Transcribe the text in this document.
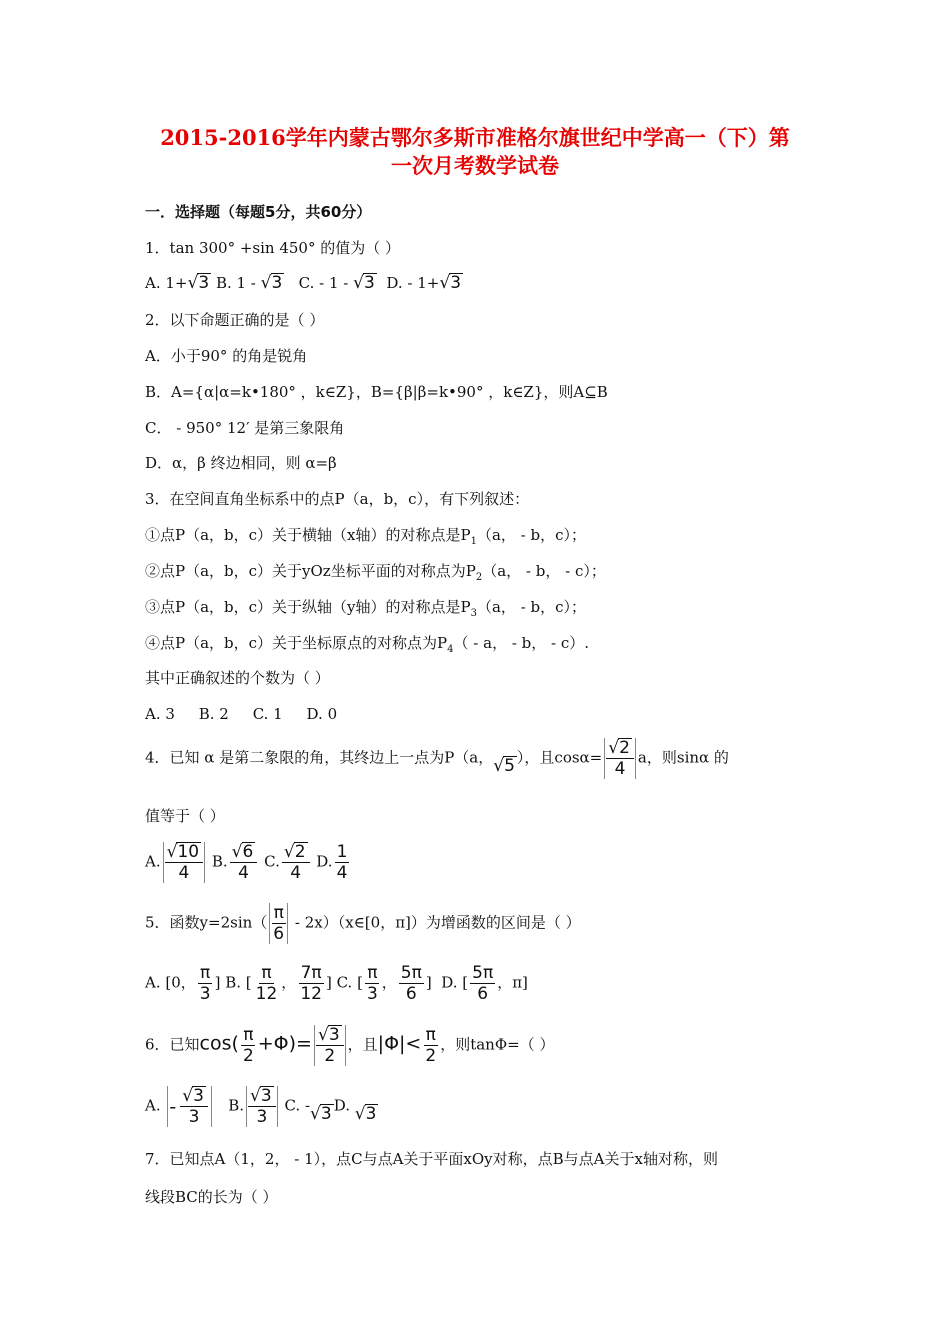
2015-2016学年内蒙古鄂尔多斯市准格尔旗世纪中学高一（下）第
一次月考数学试卷
一．选择题（每题5分，共60分）
1．tan 300° +sin 450° 的值为（ ）
A. 1+ √ 3 B. 1 - √ 3 C. - 1 - √ 3 D. - 1+ √ 3
2．以下命题正确的是（ ）
A．小于90° 的角是锐角
B．A={α|α=k•180° ，k∈Z}，B={β|β=k•90° ，k∈Z}，则A⊆B
C． - 950° 12′ 是第三象限角
D．α，β 终边相同，则 α=β
3．在空间直角坐标系中的点P（a，b，c），有下列叙述：
①点P（a，b，c）关于横轴（x轴）的对称点是$P_1(a$， - b，c）；
②点P（a，b，c）关于yOz坐标平面的对称点为$P_2(a$， - b， - c）；
③点P（a，b，c）关于纵轴（y轴）的对称点是$P_3(a$， - b，c）；
④点P（a，b，c）关于坐标原点的对称点为$P_4$（ - a， - b， - c）.
其中正确叙述的个数为（ ）
A. 3     B. 2     C. 1     D. 0
4．已知 α 是第二象限的角，其终边上一点为P（a， √ 5 ），且$\cos\alpha= \frac{√ 2}{4}$ a，则sinα 的
值等于（ ）
A. $\frac{√ 10}{4} B$. $\frac{√ 6}{4} C$. $\frac{√ 2}{4} D$. $\frac{1}{4}$
5．函数$y=2\sin( \frac{\pi}{6}$ - 2x）（x∈[0，π]）为增函数的区间是（ ）
A. [0， $\frac{\pi}{3}$ ] B. [ $\frac{\pi}{12}$ ， $\frac{7\pi}{12}$ ] C. [ $\frac{\pi}{3}$ ， $\frac{5\pi}{6}$ ] D. [ $\frac{5\pi}{6}$ ，π]
6．已知$\cos( \frac{\pi}{2} +\Phi)= \frac{√ 3}{2}$ ，且$|\Phi|< \frac{\pi}{2}$ ，则tanΦ=（ ）
A. - $\frac{√ 3}{3} B$. $\frac{√ 3}{3} C$. - √ 3 D. √ 3
7．已知点A（1，2， - 1），点C与点A关于平面xOy对称，点B与点A关于x轴对称，则
线段BC的长为（ ）
